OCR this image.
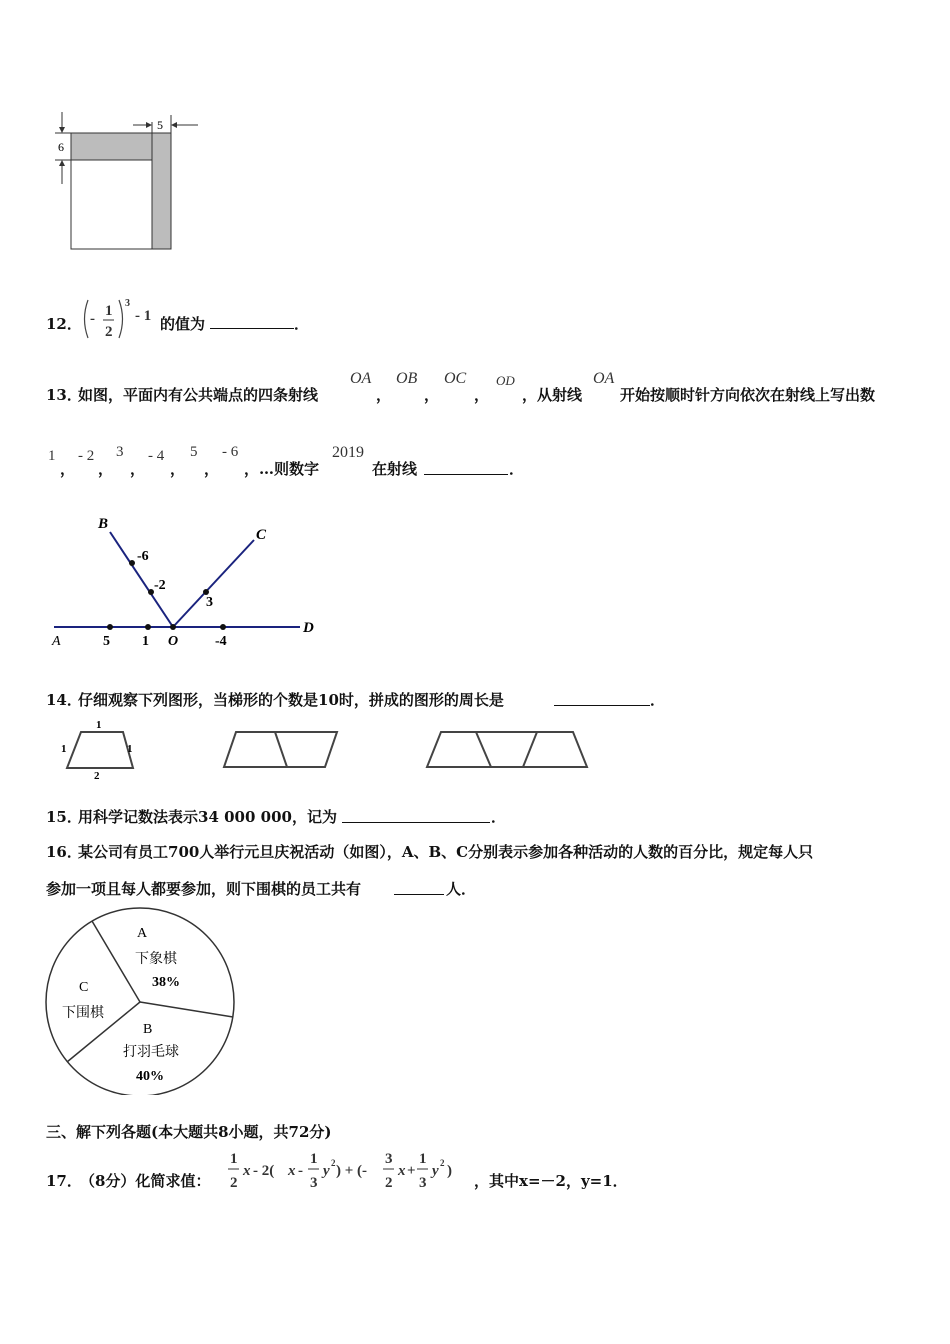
5
6
12． - 1
2
3
- 1 的值为	．
13．
如图，平面内有公共端点的四条射线
OA
，
OB
，
OC
，
OD
，从射线
OA
开始按顺时针方向依次在射线上写出数
1
，
- 2
，
3
，
- 4
，
5
，
- 6
，…则数字
2019
在射线	．
B
C
D
A	O
-6
-2
3
5 1	-4
14．
仔细观察下列图形，当梯形的个数是10时，拼成的图形的周长是	．
1
1	1
2
15．
用科学记数法表示34 000 000，记为	．
16．
某公司有员工700人举行元旦庆祝活动（如图），A、B、C分别表示参加各种活动的人数的百分比，规定每人只
参加一项且每人都要参加，则下围棋的员工共有	人．
A
下象棋
38%
C
下围棋
B
打羽毛球
40%
三、解下列各题(本大题共8小题，共72分)
17．
（8分）化简求值：
1
2
x - 2( x -
1
3
y 2 ) + (-
3
2
x +
1
3
y 2 )
，其中x=－2，y=1．
